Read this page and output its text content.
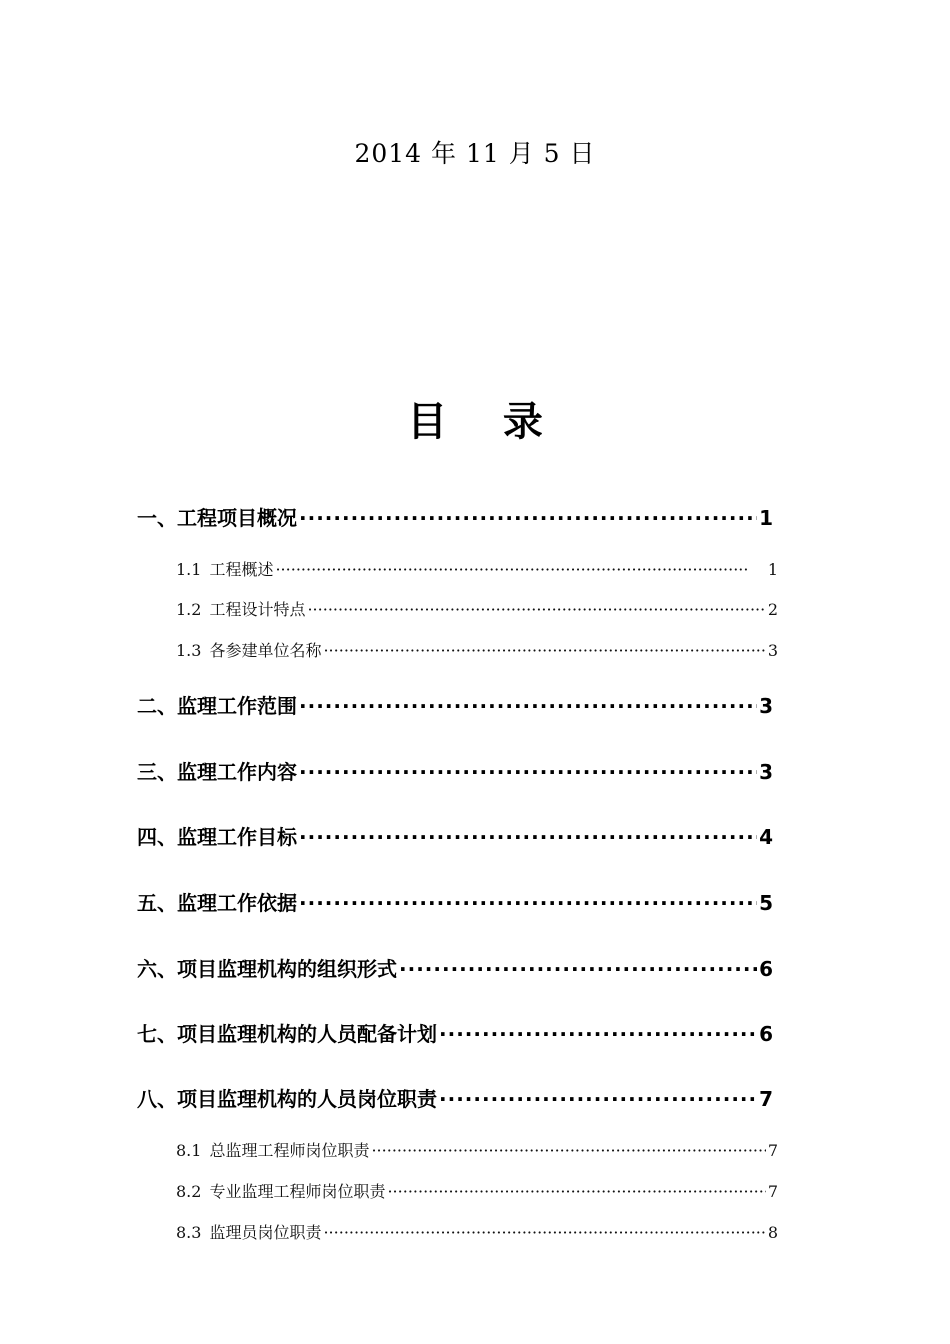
2014 年 11 月 5 日
目    录
一、工程项目概况 ·····	1
1.1 工程概述 ·····	1
1.2 工程设计特点 ·····	2
1.3 各参建单位名称 ·····	3
二、监理工作范围 ·····	3
三、监理工作内容 ·····	3
四、监理工作目标 ·····	4
五、监理工作依据 ·····	5
六、项目监理机构的组织形式 ·····	6
七、项目监理机构的人员配备计划 ·····	6
八、项目监理机构的人员岗位职责 ·····	7
8.1 总监理工程师岗位职责 ·····	7
8.2 专业监理工程师岗位职责 ·····	7
8.3 监理员岗位职责 ·····	8
